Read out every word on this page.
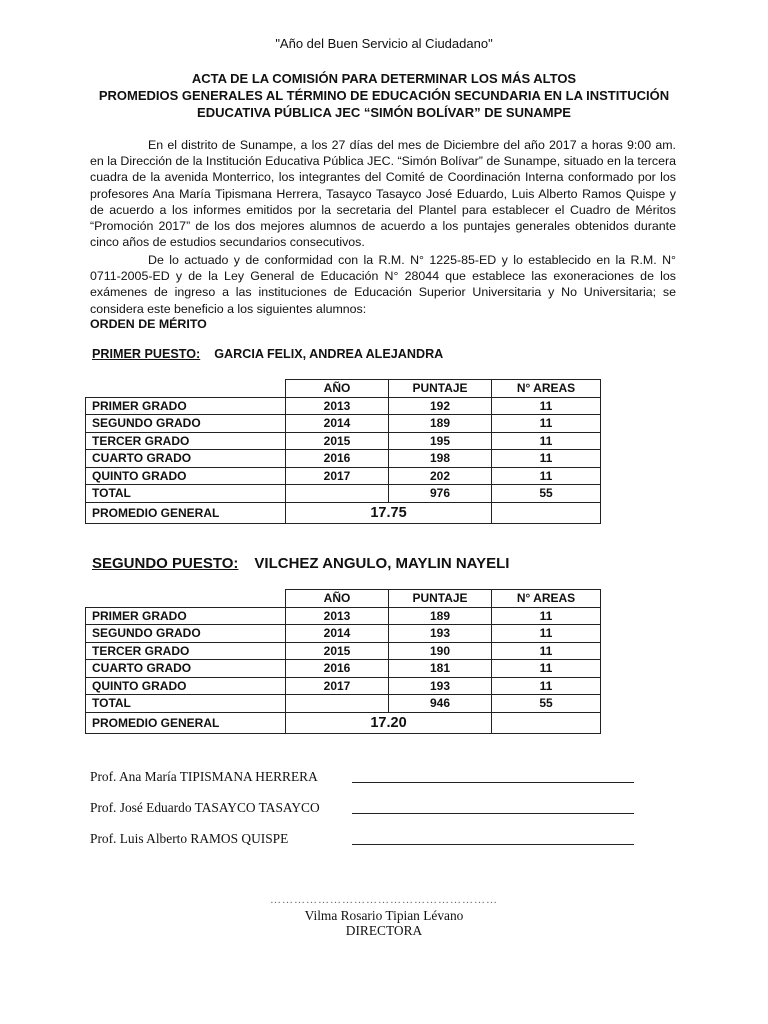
"Año del Buen Servicio al Ciudadano"
ACTA DE LA COMISIÓN PARA DETERMINAR LOS MÁS ALTOS
PROMEDIOS GENERALES AL TÉRMINO DE EDUCACIÓN SECUNDARIA EN LA INSTITUCIÓN
EDUCATIVA PÚBLICA JEC “SIMÓN BOLÍVAR” DE SUNAMPE
En el distrito de Sunampe, a los 27 días del mes de Diciembre del año 2017 a horas 9:00 am. en la Dirección de la Institución Educativa Pública JEC. “Simón Bolívar” de Sunampe, situado en la tercera cuadra de la avenida Monterrico, los integrantes del Comité de Coordinación Interna conformado por los profesores Ana María Tipismana Herrera, Tasayco Tasayco José Eduardo, Luis Alberto Ramos Quispe y de acuerdo a los informes emitidos por la secretaria del Plantel para establecer el Cuadro de Méritos “Promoción 2017” de los dos mejores alumnos de acuerdo a los puntajes generales obtenidos durante cinco años de estudios secundarios consecutivos.
De lo actuado y de conformidad con la R.M. N° 1225-85-ED y lo establecido en la R.M. N° 0711-2005-ED y de la Ley General de Educación N° 28044 que establece las exoneraciones de los exámenes de ingreso a las instituciones de Educación Superior Universitaria y No Universitaria; se considera este beneficio a los siguientes alumnos:
ORDEN DE MÉRITO
PRIMER PUESTO: GARCIA FELIX, ANDREA ALEJANDRA
	AÑO	PUNTAJE	N° AREAS
PRIMER GRADO	2013	192	11
SEGUNDO GRADO	2014	189	11
TERCER GRADO	2015	195	11
CUARTO GRADO	2016	198	11
QUINTO GRADO	2017	202	11
TOTAL		976	55
PROMEDIO GENERAL	17.75		
SEGUNDO PUESTO: VILCHEZ ANGULO, MAYLIN NAYELI
	AÑO	PUNTAJE	N° AREAS
PRIMER GRADO	2013	189	11
SEGUNDO GRADO	2014	193	11
TERCER GRADO	2015	190	11
CUARTO GRADO	2016	181	11
QUINTO GRADO	2017	193	11
TOTAL		946	55
PROMEDIO GENERAL	17.20		
Prof. Ana María TIPISMANA HERRERA
Prof. José Eduardo TASAYCO TASAYCO
Prof. Luis Alberto RAMOS QUISPE
…………………………………………………
Vilma Rosario Tipian Lévano
DIRECTORA
